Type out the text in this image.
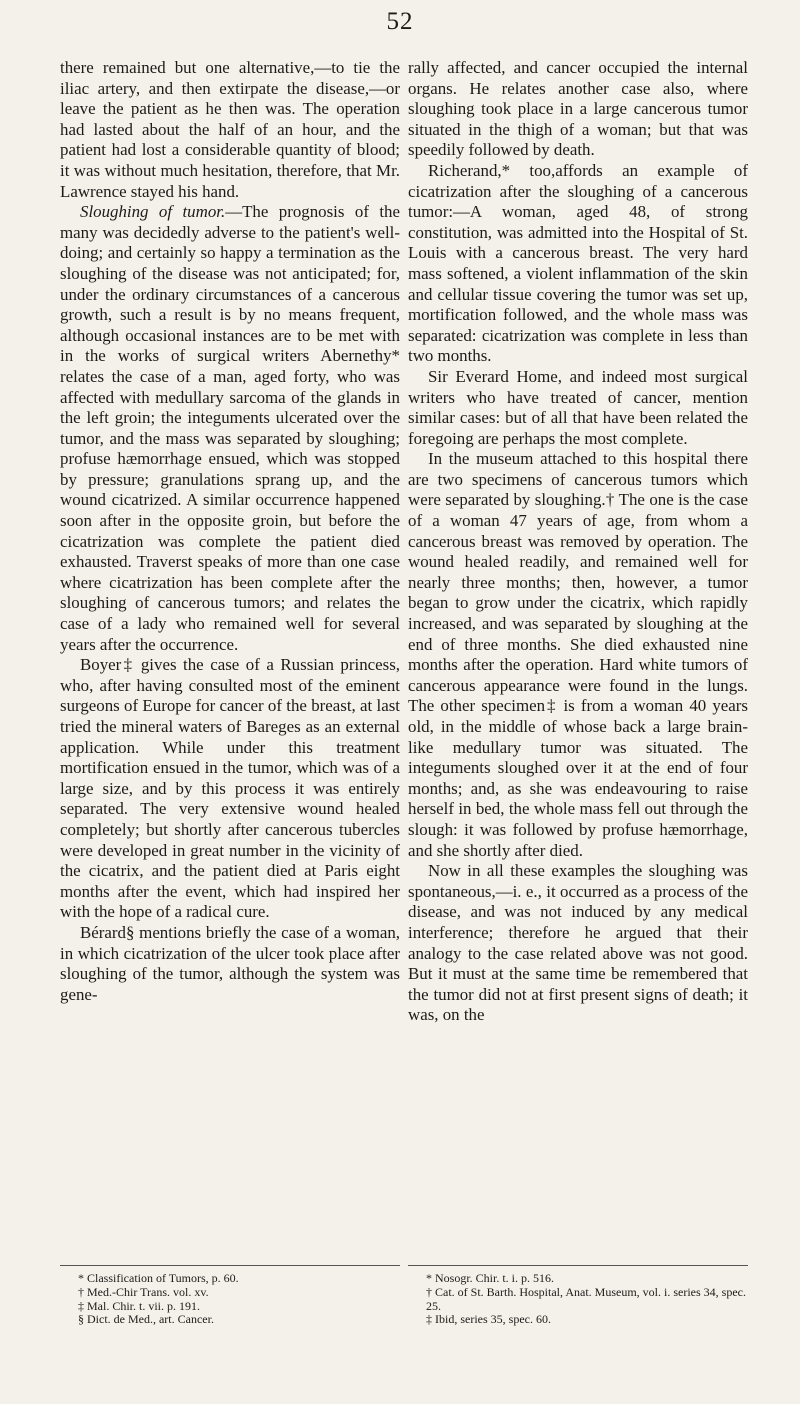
52

there remained but one alternative,—to tie the iliac artery, and then extirpate the disease,—or leave the patient as he then was. The operation had lasted about the half of an hour, and the patient had lost a considerable quantity of blood; it was without much hesitation, therefore, that Mr. Lawrence stayed his hand.

Sloughing of tumor.—The prognosis of the many was decidedly adverse to the patient's well-doing; and certainly so happy a termination as the sloughing of the disease was not anticipated; for, under the ordinary circumstances of a cancerous growth, such a result is by no means frequent, although occasional instances are to be met with in the works of surgical writers Abernethy* relates the case of a man, aged forty, who was affected with medullary sarcoma of the glands in the left groin; the integuments ulcerated over the tumor, and the mass was separated by sloughing; profuse hæmorrhage ensued, which was stopped by pressure; granulations sprang up, and the wound cicatrized. A similar occurrence happened soon after in the opposite groin, but before the cicatrization was complete the patient died exhausted. Traverst speaks of more than one case where cicatrization has been complete after the sloughing of cancerous tumors; and relates the case of a lady who remained well for several years after the occurrence.

Boyer‡ gives the case of a Russian princess, who, after having consulted most of the eminent surgeons of Europe for cancer of the breast, at last tried the mineral waters of Bareges as an external application. While under this treatment mortification ensued in the tumor, which was of a large size, and by this process it was entirely separated. The very extensive wound healed completely; but shortly after cancerous tubercles were developed in great number in the vicinity of the cicatrix, and the patient died at Paris eight months after the event, which had inspired her with the hope of a radical cure.

Bérard§ mentions briefly the case of a woman, in which cicatrization of the ulcer took place after sloughing of the tumor, although the system was gene-

rally affected, and cancer occupied the internal organs. He relates another case also, where sloughing took place in a large cancerous tumor situated in the thigh of a woman; but that was speedily followed by death.

Richerand,* too,affords an example of cicatrization after the sloughing of a cancerous tumor:—A woman, aged 48, of strong constitution, was admitted into the Hospital of St. Louis with a cancerous breast. The very hard mass softened, a violent inflammation of the skin and cellular tissue covering the tumor was set up, mortification followed, and the whole mass was separated: cicatrization was complete in less than two months.

Sir Everard Home, and indeed most surgical writers who have treated of cancer, mention similar cases: but of all that have been related the foregoing are perhaps the most complete.

In the museum attached to this hospital there are two specimens of cancerous tumors which were separated by sloughing.† The one is the case of a woman 47 years of age, from whom a cancerous breast was removed by operation. The wound healed readily, and remained well for nearly three months; then, however, a tumor began to grow under the cicatrix, which rapidly increased, and was separated by sloughing at the end of three months. She died exhausted nine months after the operation. Hard white tumors of cancerous appearance were found in the lungs. The other specimen‡ is from a woman 40 years old, in the middle of whose back a large brain-like medullary tumor was situated. The integuments sloughed over it at the end of four months; and, as she was endeavouring to raise herself in bed, the whole mass fell out through the slough: it was followed by profuse hæmorrhage, and she shortly after died.

Now in all these examples the sloughing was spontaneous,—i. e., it occurred as a process of the disease, and was not induced by any medical interference; therefore he argued that their analogy to the case related above was not good. But it must at the same time be remembered that the tumor did not at first present signs of death; it was, on the

* Classification of Tumors, p. 60.
† Med.-Chir Trans. vol. xv.
‡ Mal. Chir. t. vii. p. 191.
§ Dict. de Med., art. Cancer.
* Nosogr. Chir. t. i. p. 516.
† Cat. of St. Barth. Hospital, Anat. Museum, vol. i. series 34, spec. 25.
‡ Ibid, series 35, spec. 60.
